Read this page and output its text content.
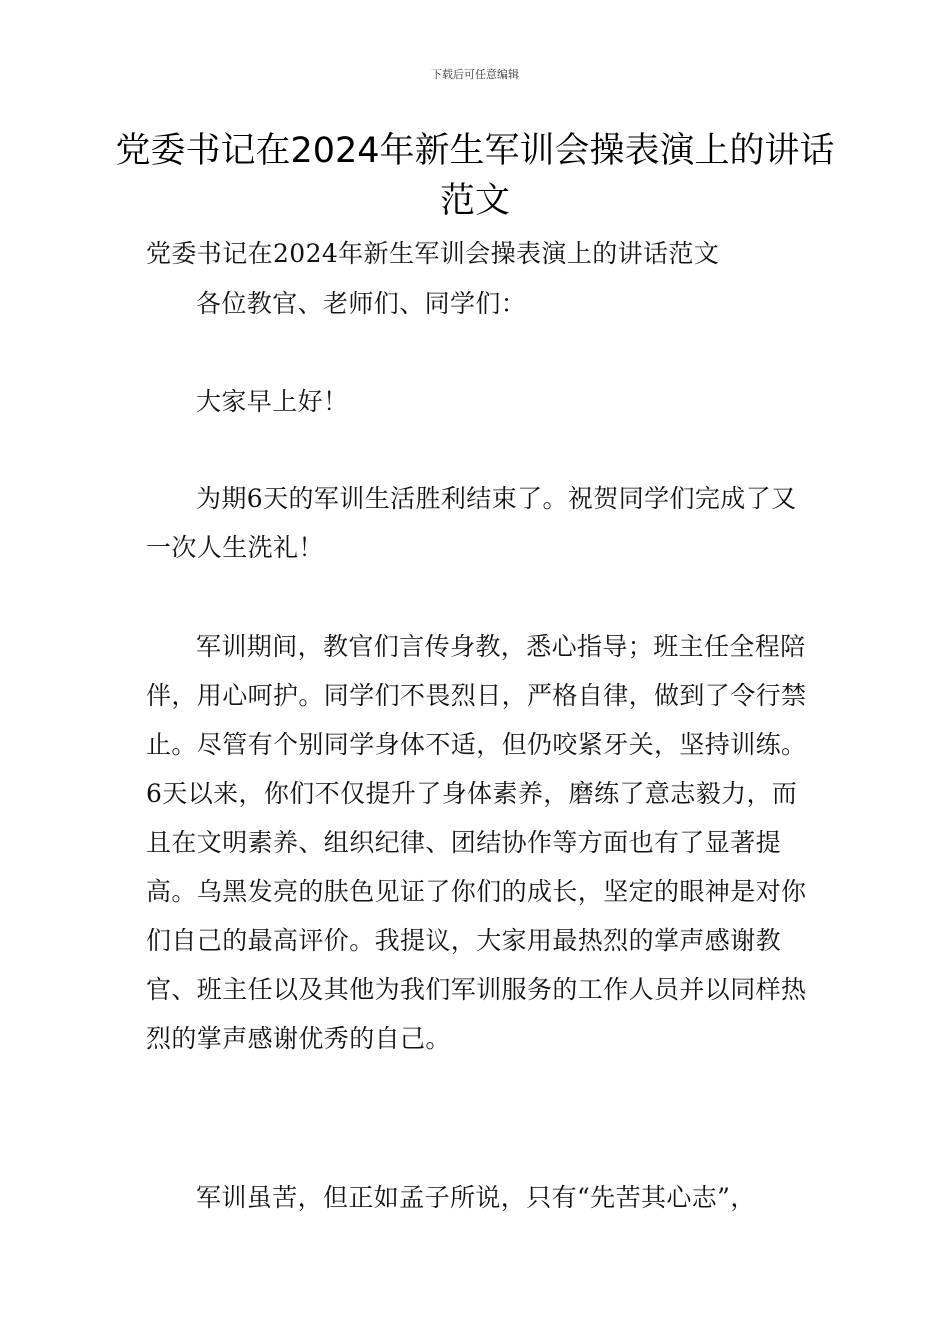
下载后可任意编辑
党委书记在2024年新生军训会操表演上的讲话范文
党委书记在2024年新生军训会操表演上的讲话范文
各位教官、老师们、同学们：
大家早上好！
为期6天的军训生活胜利结束了。祝贺同学们完成了又一次人生洗礼！
军训期间，教官们言传身教，悉心指导；班主任全程陪伴，用心呵护。同学们不畏烈日，严格自律，做到了令行禁止。尽管有个别同学身体不适，但仍咬紧牙关，坚持训练。6天以来，你们不仅提升了身体素养，磨练了意志毅力，而且在文明素养、组织纪律、团结协作等方面也有了显著提高。乌黑发亮的肤色见证了你们的成长，坚定的眼神是对你们自己的最高评价。我提议，大家用最热烈的掌声感谢教官、班主任以及其他为我们军训服务的工作人员并以同样热烈的掌声感谢优秀的自己。
军训虽苦，但正如孟子所说，只有“先苦其心志”，
